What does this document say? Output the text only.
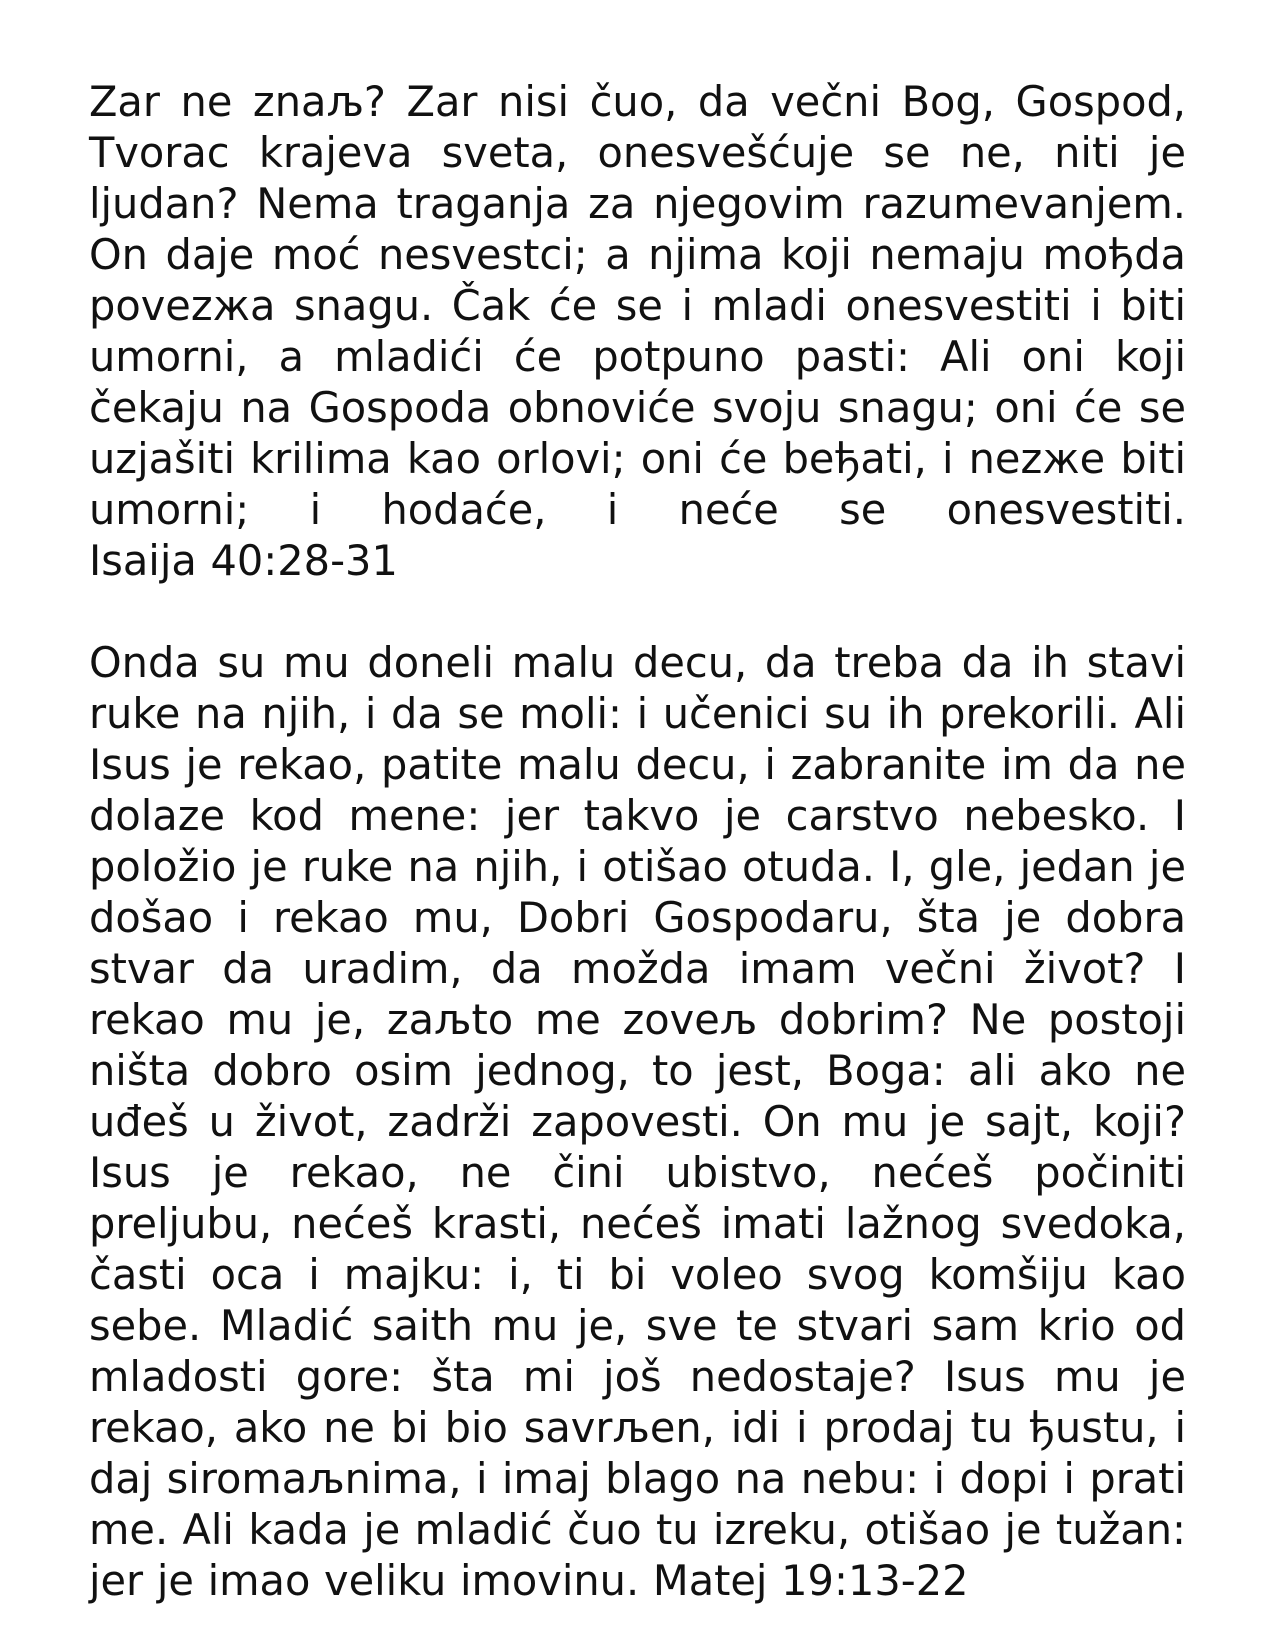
Zar ne znaљ? Zar nisi čuo, da večni Bog, Gospod, Tvorac krajeva sveta, onesvešćuje se ne, niti je ljudan? Nema traganja za njegovim razumevanjem. On daje moć nesvestci; a njima koji nemaju moђda povezжa snagu. Čak će se i mladi onesvestiti i biti umorni, a mladići će potpuno pasti: Ali oni koji čekaju na Gospoda obnoviće svoju snagu; oni će se uzjašiti krilima kao orlovi; oni će beђati, i nezжe biti umorni; i hodaće, i neće se onesvestiti. Isaija 40:28-31

Onda su mu doneli malu decu, da treba da ih stavi ruke na njih, i da se moli: i učenici su ih prekorili. Ali Isus je rekao, patite malu decu, i zabranite im da ne dolaze kod mene: jer takvo je carstvo nebesko. I položio je ruke na njih, i otišao otuda. I, gle, jedan je došao i rekao mu, Dobri Gospodaru, šta je dobra stvar da uradim, da možda imam večni život? I rekao mu je, zaљto me zoveљ dobrim? Ne postoji ništa dobro osim jednog, to jest, Boga: ali ako ne uđeš u život, zadrži zapovesti. On mu je sajt, koji? Isus je rekao, ne čini ubistvo, nećeš počiniti preljubu, nećeš krasti, nećeš imati lažnog svedoka, časti oca i majku: i, ti bi voleo svog komšiju kao sebe. Mladić saith mu je, sve te stvari sam krio od mladosti gore: šta mi još nedostaje? Isus mu je rekao, ako ne bi bio savrљen, idi i prodaj tu ђustu, i daj siromaљnima, i imaj blago na nebu: i dopi i prati me. Ali kada je mladić čuo tu izreku, otišao je tužan: jer je imao veliku imovinu. Matej 19:13-22
